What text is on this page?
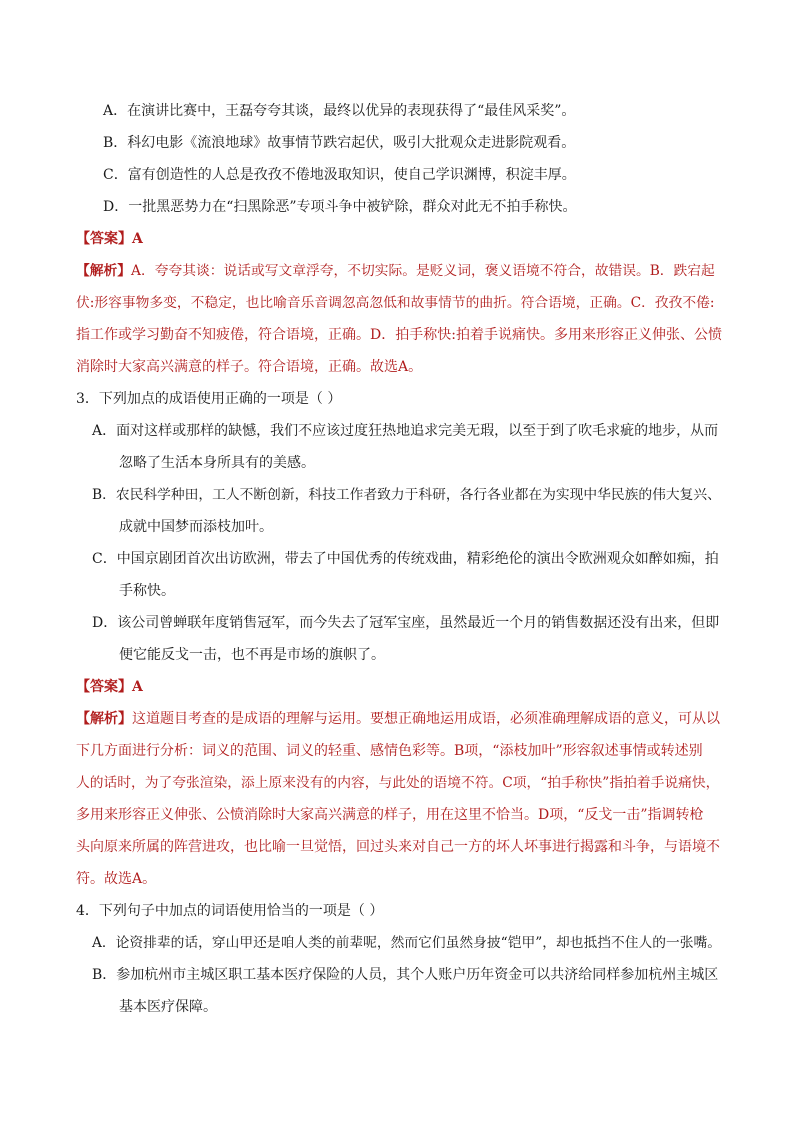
A．在演讲比赛中，王磊夸夸其谈，最终以优异的表现获得了“最佳风采奖”。
B．科幻电影《流浪地球》故事情节跌宕起伏，吸引大批观众走进影院观看。
C．富有创造性的人总是孜孜不倦地汲取知识，使自己学识渊博，积淀丰厚。
D．一批黑恶势力在“扫黑除恶”专项斗争中被铲除，群众对此无不拍手称快。
【答案】A
【解析】A．夸夸其谈：说话或写文章浮夸，不切实际。是贬义词，褒义语境不符合，故错误。B．跌宕起
伏:形容事物多变，不稳定，也比喻音乐音调忽高忽低和故事情节的曲折。符合语境，正确。C．孜孜不倦:
指工作或学习勤奋不知疲倦，符合语境，正确。D．拍手称快:拍着手说痛快。多用来形容正义伸张、公愤
消除时大家高兴满意的样子。符合语境，正确。故选A。
3．下列加点的成语使用正确的一项是（ ）
A．面对这样或那样的缺憾，我们不应该过度狂热地追求完美无瑕，以至于到了吹毛求疵的地步，从而
忽略了生活本身所具有的美感。
B．农民科学种田，工人不断创新，科技工作者致力于科研，各行各业都在为实现中华民族的伟大复兴、
成就中国梦而添枝加叶。
C．中国京剧团首次出访欧洲，带去了中国优秀的传统戏曲，精彩绝伦的演出令欧洲观众如醉如痴，拍
手称快。
D．该公司曾蝉联年度销售冠军，而今失去了冠军宝座，虽然最近一个月的销售数据还没有出来，但即
便它能反戈一击，也不再是市场的旗帜了。
【答案】A
【解析】这道题目考查的是成语的理解与运用。要想正确地运用成语，必须准确理解成语的意义，可从以
下几方面进行分析：词义的范围、词义的轻重、感情色彩等。B项，“添枝加叶”形容叙述事情或转述别
人的话时，为了夸张渲染，添上原来没有的内容，与此处的语境不符。C项，“拍手称快”指拍着手说痛快，
多用来形容正义伸张、公愤消除时大家高兴满意的样子，用在这里不恰当。D项，“反戈一击”指调转枪
头向原来所属的阵营进攻，也比喻一旦觉悟，回过头来对自己一方的坏人坏事进行揭露和斗争，与语境不
符。故选A。
4．下列句子中加点的词语使用恰当的一项是（ ）
A．论资排辈的话，穿山甲还是咱人类的前辈呢，然而它们虽然身披“铠甲”，却也抵挡不住人的一张嘴。
B．参加杭州市主城区职工基本医疗保险的人员，其个人账户历年资金可以共济给同样参加杭州主城区
基本医疗保障。
